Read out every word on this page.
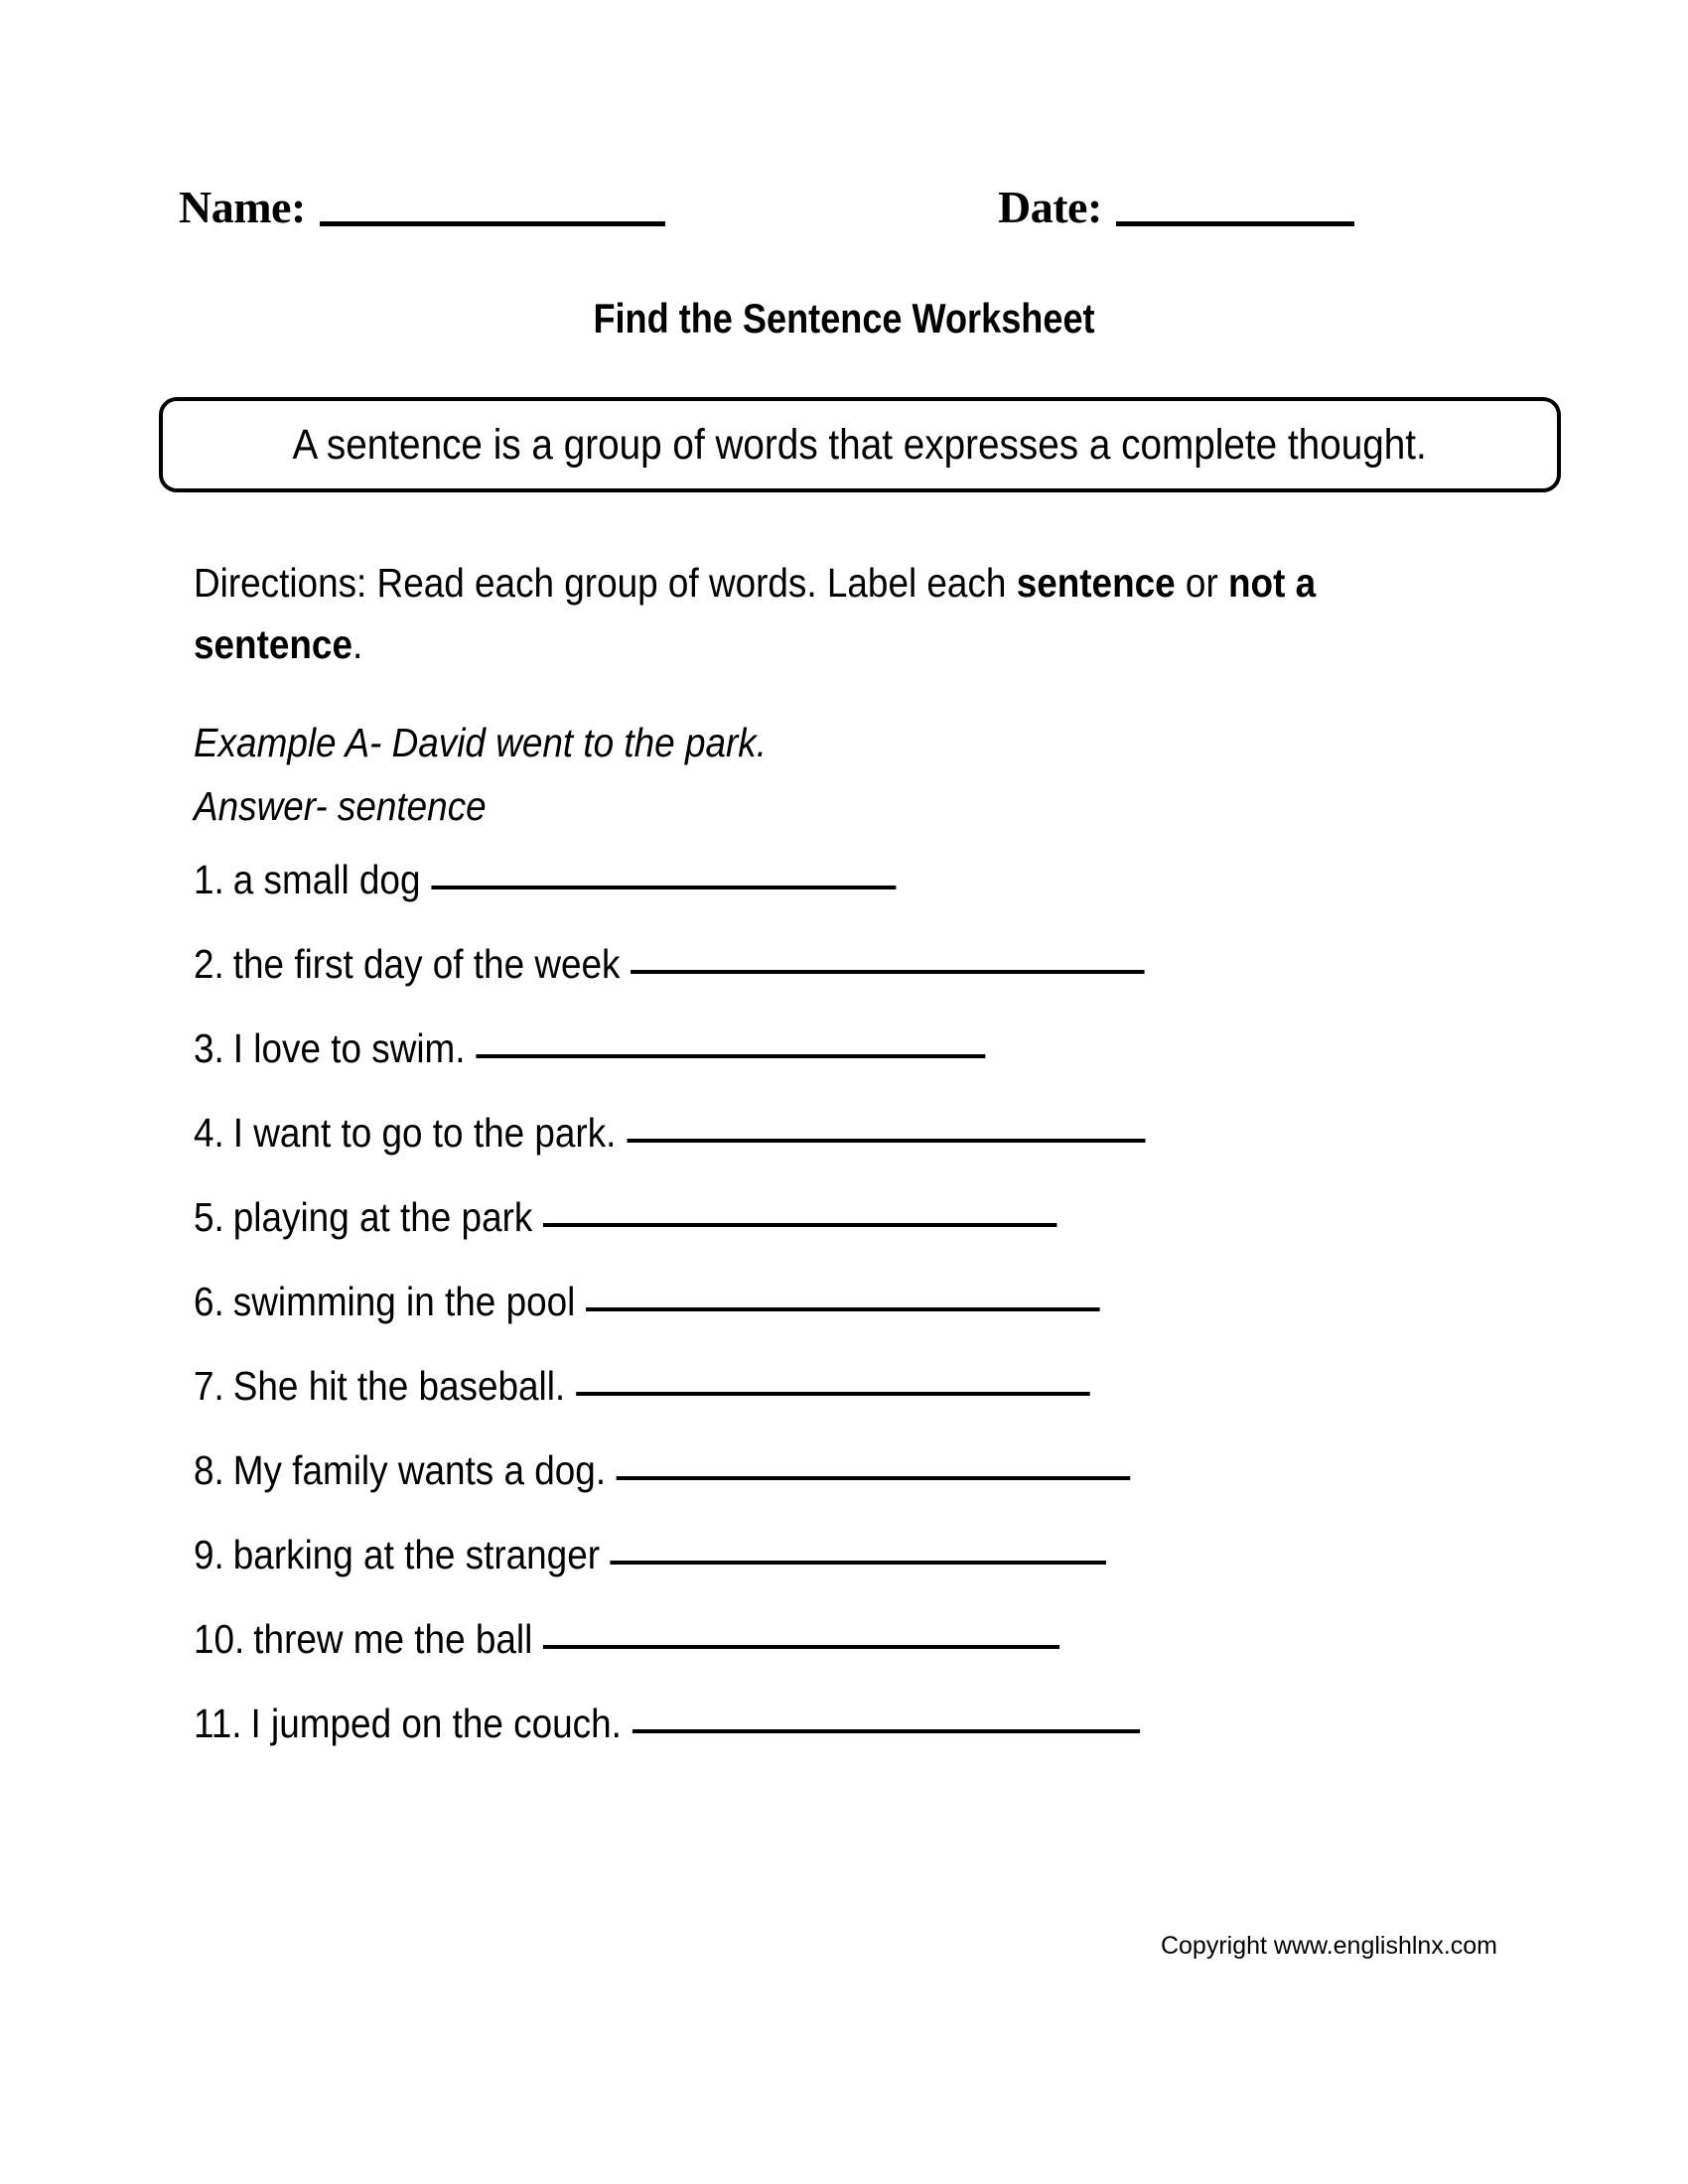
Name:	Date:
Find the Sentence Worksheet
A sentence is a group of words that expresses a complete thought.
Directions: Read each group of words. Label each sentence or not a sentence.
Example A- David went to the park.
Answer- sentence
1. a small dog
2. the first day of the week
3. I love to swim.
4. I want to go to the park.
5. playing at the park
6. swimming in the pool
7. She hit the baseball.
8. My family wants a dog.
9. barking at the stranger
10. threw me the ball
11. I jumped on the couch.
Copyright www.englishlnx.com
